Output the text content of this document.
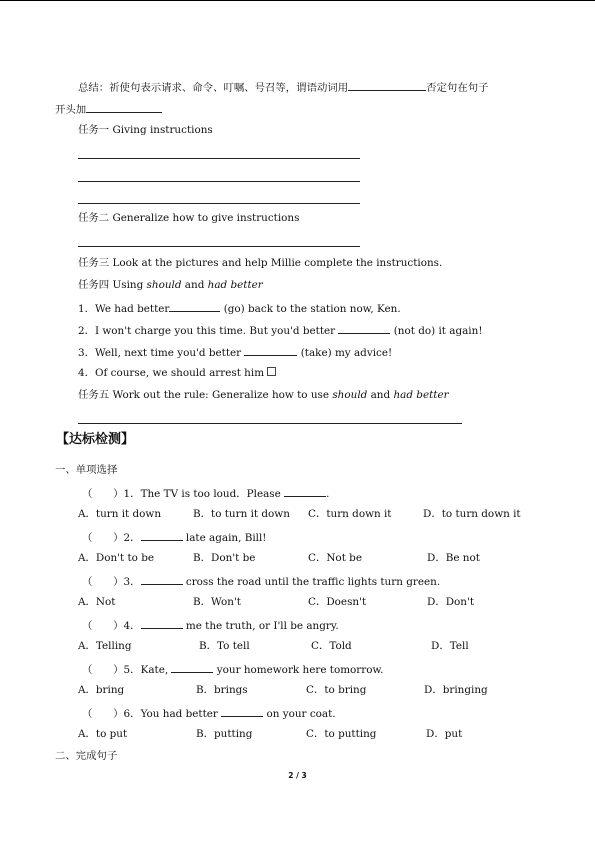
总结：祈使句表示请求、命令、叮嘱、号召等，谓语动词用	否定句在句子
开头加
任务一 Giving instructions
任务二 Generalize how to give instructions
任务三 Look at the pictures and help Millie complete the instructions.
任务四 Using should and had better
1．We had better	(go) back to the station now, Ken.
2．I won't charge you this time. But you'd better	(not do) it again!
3．Well, next time you'd better	(take) my advice!
4．Of course, we should arrest him
任务五 Work out the rule: Generalize how to use should and had better
【达标检测】
一、单项选择
（　　）1．The TV is too loud．Please	.
A．turn it down	B．to turn it down C．turn down it	D．to turn down it
（　　）2．	late again, Bill!
A．Don't to be	B．Don't be	C．Not be	D．Be not
（　　）3．	cross the road until the traffic lights turn green.
A．Not	B．Won't	C．Doesn't	D．Don't
（　　）4．	me the truth, or I'll be angry.
A．Telling	B．To tell	C．Told	D．Tell
（　　）5．Kate,	your homework here tomorrow.
A．bring	B．brings	C．to bring	D．bringing
（　　）6．You had better	on your coat.
A．to put	B．putting	C．to putting	D．put
二、完成句子
2 / 3
